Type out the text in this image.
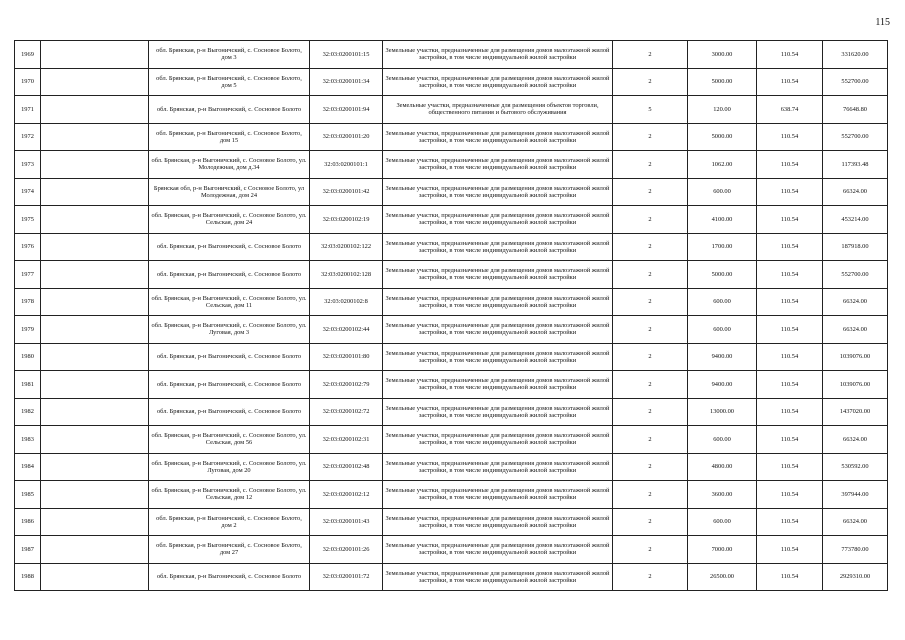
115
1969		обл. Брянская, р-н Выгоничский, с. Сосновое Болото, дом 3	32:03:0200101:15	Земельные участки, предназначенные для размещения домов малоэтажной жилой застройки, в том числе индивидуальной жилой застройки	2	3000.00	110.54	331620.00
1970		обл. Брянская, р-н Выгоничский, с. Сосновое Болото, дом 5	32:03:0200101:34	Земельные участки, предназначенные для размещения домов малоэтажной жилой застройки, в том числе индивидуальной жилой застройки	2	5000.00	110.54	552700.00
1971		обл. Брянская, р-н Выгоничский, с. Сосновое Болото	32:03:0200101:94	Земельные участки, предназначенные для размещения объектов торговли, общественного питания и бытового обслуживания	5	120.00	638.74	76648.80
1972		обл. Брянская, р-н Выгоничский, с. Сосновое Болото, дом 15	32:03:0200101:20	Земельные участки, предназначенные для размещения домов малоэтажной жилой застройки, в том числе индивидуальной жилой застройки	2	5000.00	110.54	552700.00
1973		обл. Брянская, р-н Выгоничский, с. Сосновое Болото, ул. Молодежная, дом д.34	32:03:0200101:1	Земельные участки, предназначенные для размещения домов малоэтажной жилой застройки, в том числе индивидуальной жилой застройки	2	1062.00	110.54	117393.48
1974		Брянская обл, р-н Выгоничский, с Сосновое Болото, ул Молодежная, дом 24	32:03:0200101:42	Земельные участки, предназначенные для размещения домов малоэтажной жилой застройки, в том числе индивидуальной жилой застройки	2	600.00	110.54	66324.00
1975		обл. Брянская, р-н Выгоничский, с. Сосновое Болото, ул. Сельская, дом 24	32:03:0200102:19	Земельные участки, предназначенные для размещения домов малоэтажной жилой застройки, в том числе индивидуальной жилой застройки	2	4100.00	110.54	453214.00
1976		обл. Брянская, р-н Выгоничский, с. Сосновое Болото	32:03:0200102:122	Земельные участки, предназначенные для размещения домов малоэтажной жилой застройки, в том числе индивидуальной жилой застройки	2	1700.00	110.54	187918.00
1977		обл. Брянская, р-н Выгоничский, с. Сосновое Болото	32:03:0200102:128	Земельные участки, предназначенные для размещения домов малоэтажной жилой застройки, в том числе индивидуальной жилой застройки	2	5000.00	110.54	552700.00
1978		обл. Брянская, р-н Выгоничский, с. Сосновое Болото, ул. Сельская, дом 11	32:03:0200102:8	Земельные участки, предназначенные для размещения домов малоэтажной жилой застройки, в том числе индивидуальной жилой застройки	2	600.00	110.54	66324.00
1979		обл. Брянская, р-н Выгоничский, с. Сосновое Болото, ул. Луговая, дом 3	32:03:0200102:44	Земельные участки, предназначенные для размещения домов малоэтажной жилой застройки, в том числе индивидуальной жилой застройки	2	600.00	110.54	66324.00
1980		обл. Брянская, р-н Выгоничский, с. Сосновое Болото	32:03:0200101:80	Земельные участки, предназначенные для размещения домов малоэтажной жилой застройки, в том числе индивидуальной жилой застройки	2	9400.00	110.54	1039076.00
1981		обл. Брянская, р-н Выгоничский, с. Сосновое Болото	32:03:0200102:79	Земельные участки, предназначенные для размещения домов малоэтажной жилой застройки, в том числе индивидуальной жилой застройки	2	9400.00	110.54	1039076.00
1982		обл. Брянская, р-н Выгоничский, с. Сосновое Болото	32:03:0200102:72	Земельные участки, предназначенные для размещения домов малоэтажной жилой застройки, в том числе индивидуальной жилой застройки	2	13000.00	110.54	1437020.00
1983		обл. Брянская, р-н Выгоничский, с. Сосновое Болото, ул. Сельская, дом 56	32:03:0200102:31	Земельные участки, предназначенные для размещения домов малоэтажной жилой застройки, в том числе индивидуальной жилой застройки	2	600.00	110.54	66324.00
1984		обл. Брянская, р-н Выгоничский, с. Сосновое Болото, ул. Луговая, дом 20	32:03:0200102:48	Земельные участки, предназначенные для размещения домов малоэтажной жилой застройки, в том числе индивидуальной жилой застройки	2	4800.00	110.54	530592.00
1985		обл. Брянская, р-н Выгоничский, с. Сосновое Болото, ул. Сельская, дом 12	32:03:0200102:12	Земельные участки, предназначенные для размещения домов малоэтажной жилой застройки, в том числе индивидуальной жилой застройки	2	3600.00	110.54	397944.00
1986		обл. Брянская, р-н Выгоничский, с. Сосновое Болото, дом 2	32:03:0200101:43	Земельные участки, предназначенные для размещения домов малоэтажной жилой застройки, в том числе индивидуальной жилой застройки	2	600.00	110.54	66324.00
1987		обл. Брянская, р-н Выгоничский, с. Сосновое Болото, дом 27	32:03:0200101:26	Земельные участки, предназначенные для размещения домов малоэтажной жилой застройки, в том числе индивидуальной жилой застройки	2	7000.00	110.54	773780.00
1988		обл. Брянская, р-н Выгоничский, с. Сосновое Болото	32:03:0200101:72	Земельные участки, предназначенные для размещения домов малоэтажной жилой застройки, в том числе индивидуальной жилой застройки	2	26500.00	110.54	2929310.00
